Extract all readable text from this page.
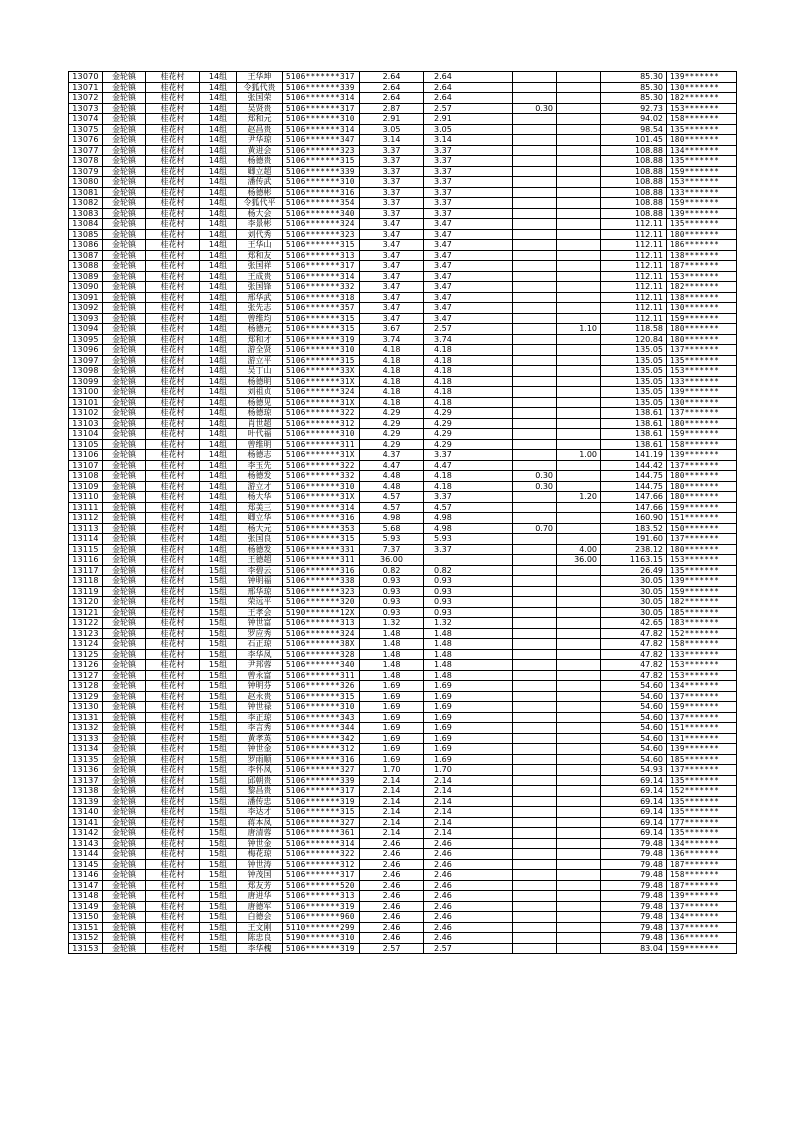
13070	金轮镇	桂花村	14组	王华坤	5106*******317	2.64	2.64			85.30	139*******
13071	金轮镇	桂花村	14组	令狐代贵	5106*******339	2.64	2.64			85.30	130*******
13072	金轮镇	桂花村	14组	张国荣	5106*******314	2.64	2.64			85.30	182*******
13073	金轮镇	桂花村	14组	吴贤贵	5106*******317	2.87	2.57	0.30		92.73	153*******
13074	金轮镇	桂花村	14组	郑和元	5106*******310	2.91	2.91			94.02	158*******
13075	金轮镇	桂花村	14组	赵昌贵	5106*******314	3.05	3.05			98.54	135*******
13076	金轮镇	桂花村	14组	尹华琼	5106*******347	3.14	3.14			101.45	180*******
13077	金轮镇	桂花村	14组	黄进会	5106*******323	3.37	3.37			108.88	134*******
13078	金轮镇	桂花村	14组	杨德贵	5106*******315	3.37	3.37			108.88	135*******
13079	金轮镇	桂花村	14组	卿立超	5106*******339	3.37	3.37			108.88	159*******
13080	金轮镇	桂花村	14组	潘传武	5106*******310	3.37	3.37			108.88	153*******
13081	金轮镇	桂花村	14组	杨德彬	5106*******316	3.37	3.37			108.88	133*******
13082	金轮镇	桂花村	14组	令狐代平	5106*******354	3.37	3.37			108.88	159*******
13083	金轮镇	桂花村	14组	杨大会	5106*******340	3.37	3.37			108.88	139*******
13084	金轮镇	桂花村	14组	李景彬	5106*******324	3.47	3.47			112.11	135*******
13085	金轮镇	桂花村	14组	刘代秀	5106*******323	3.47	3.47			112.11	180*******
13086	金轮镇	桂花村	14组	王华山	5106*******315	3.47	3.47			112.11	186*******
13087	金轮镇	桂花村	14组	郑和友	5106*******313	3.47	3.47			112.11	138*******
13088	金轮镇	桂花村	14组	张国祥	5106*******317	3.47	3.47			112.11	187*******
13089	金轮镇	桂花村	14组	王成贵	5106*******314	3.47	3.47			112.11	153*******
13090	金轮镇	桂花村	14组	张国锋	5106*******332	3.47	3.47			112.11	182*******
13091	金轮镇	桂花村	14组	邢华武	5106*******318	3.47	3.47			112.11	138*******
13092	金轮镇	桂花村	14组	张先志	5106*******357	3.47	3.47			112.11	130*******
13093	金轮镇	桂花村	14组	曾维均	5106*******315	3.47	3.47			112.11	159*******
13094	金轮镇	桂花村	14组	杨德元	5106*******315	3.67	2.57		1.10	118.58	180*******
13095	金轮镇	桂花村	14组	郑和才	5106*******319	3.74	3.74			120.84	180*******
13096	金轮镇	桂花村	14组	游全贤	5106*******310	4.18	4.18			135.05	137*******
13097	金轮镇	桂花村	14组	游立平	5106*******315	4.18	4.18			135.05	135*******
13098	金轮镇	桂花村	14组	吴丁山	5106*******33X	4.18	4.18			135.05	153*******
13099	金轮镇	桂花村	14组	杨德明	5106*******31X	4.18	4.18			135.05	133*******
13100	金轮镇	桂花村	14组	刘祖贞	5106*******324	4.18	4.18			135.05	139*******
13101	金轮镇	桂花村	14组	杨德见	5106*******31X	4.18	4.18			135.05	130*******
13102	金轮镇	桂花村	14组	杨德琼	5106*******322	4.29	4.29			138.61	137*******
13103	金轮镇	桂花村	14组	肖世超	5106*******312	4.29	4.29			138.61	180*******
13104	金轮镇	桂花村	14组	叶代福	5106*******310	4.29	4.29			138.61	159*******
13105	金轮镇	桂花村	14组	曾维明	5106*******311	4.29	4.29			138.61	158*******
13106	金轮镇	桂花村	14组	杨德志	5106*******31X	4.37	3.37		1.00	141.19	139*******
13107	金轮镇	桂花村	14组	李玉先	5106*******322	4.47	4.47			144.42	137*******
13108	金轮镇	桂花村	14组	杨德发	5106*******332	4.48	4.18	0.30		144.75	180*******
13109	金轮镇	桂花村	14组	游立才	5106*******310	4.48	4.18	0.30		144.75	180*******
13110	金轮镇	桂花村	14组	杨大华	5106*******31X	4.57	3.37		1.20	147.66	180*******
13111	金轮镇	桂花村	14组	郑美三	5190*******314	4.57	4.57			147.66	159*******
13112	金轮镇	桂花村	14组	卿立华	5106*******316	4.98	4.98			160.90	151*******
13113	金轮镇	桂花村	14组	杨大元	5106*******353	5.68	4.98	0.70		183.52	150*******
13114	金轮镇	桂花村	14组	张国良	5106*******315	5.93	5.93			191.60	137*******
13115	金轮镇	桂花村	14组	杨德发	5106*******331	7.37	3.37		4.00	238.12	180*******
13116	金轮镇	桂花村	14组	王德超	5106*******311	36.00			36.00	1163.15	153*******
13117	金轮镇	桂花村	15组	李碧云	5106*******316	0.82	0.82			26.49	135*******
13118	金轮镇	桂花村	15组	钟明福	5106*******338	0.93	0.93			30.05	139*******
13119	金轮镇	桂花村	15组	邢华琼	5106*******323	0.93	0.93			30.05	159*******
13120	金轮镇	桂花村	15组	荣远平	5106*******320	0.93	0.93			30.05	182*******
13121	金轮镇	桂花村	15组	王孝会	5190*******12X	0.93	0.93			30.05	185*******
13122	金轮镇	桂花村	15组	钟世富	5106*******313	1.32	1.32			42.65	183*******
13123	金轮镇	桂花村	15组	罗应秀	5106*******324	1.48	1.48			47.82	152*******
13124	金轮镇	桂花村	15组	石正琼	5106*******38X	1.48	1.48			47.82	158*******
13125	金轮镇	桂花村	15组	李华凤	5106*******328	1.48	1.48			47.82	133*******
13126	金轮镇	桂花村	15组	尹邦蓉	5106*******340	1.48	1.48			47.82	153*******
13127	金轮镇	桂花村	15组	曾永富	5106*******311	1.48	1.48			47.82	153*******
13128	金轮镇	桂花村	15组	钟明芬	5106*******326	1.69	1.69			54.60	134*******
13129	金轮镇	桂花村	15组	赵永贵	5106*******315	1.69	1.69			54.60	137*******
13130	金轮镇	桂花村	15组	钟世禄	5106*******310	1.69	1.69			54.60	159*******
13131	金轮镇	桂花村	15组	李正琼	5106*******343	1.69	1.69			54.60	137*******
13132	金轮镇	桂花村	15组	李言秀	5106*******344	1.69	1.69			54.60	151*******
13133	金轮镇	桂花村	15组	黄孝英	5106*******342	1.69	1.69			54.60	131*******
13134	金轮镇	桂花村	15组	钟世金	5106*******312	1.69	1.69			54.60	139*******
13135	金轮镇	桂花村	15组	罗雨顺	5106*******316	1.69	1.69			54.60	185*******
13136	金轮镇	桂花村	15组	李怀凤	5106*******327	1.70	1.70			54.93	137*******
13137	金轮镇	桂花村	15组	邱朝贵	5106*******339	2.14	2.14			69.14	135*******
13138	金轮镇	桂花村	15组	黎昌贵	5106*******317	2.14	2.14			69.14	152*******
13139	金轮镇	桂花村	15组	潘传忠	5106*******319	2.14	2.14			69.14	135*******
13140	金轮镇	桂花村	15组	李达才	5106*******315	2.14	2.14			69.14	135*******
13141	金轮镇	桂花村	15组	蒋本凤	5106*******327	2.14	2.14			69.14	177*******
13142	金轮镇	桂花村	15组	唐清蓉	5106*******361	2.14	2.14			69.14	135*******
13143	金轮镇	桂花村	15组	钟世金	5106*******314	2.46	2.46			79.48	134*******
13144	金轮镇	桂花村	15组	梅花琼	5106*******322	2.46	2.46			79.48	136*******
13145	金轮镇	桂花村	15组	钟世涛	5106*******312	2.46	2.46			79.48	187*******
13146	金轮镇	桂花村	15组	钟茂国	5106*******317	2.46	2.46			79.48	158*******
13147	金轮镇	桂花村	15组	郑友芳	5106*******520	2.46	2.46			79.48	187*******
13148	金轮镇	桂花村	15组	唐进华	5106*******313	2.46	2.46			79.48	139*******
13149	金轮镇	桂花村	15组	唐德军	5106*******319	2.46	2.46			79.48	137*******
13150	金轮镇	桂花村	15组	白德会	5106*******960	2.46	2.46			79.48	134*******
13151	金轮镇	桂花村	15组	王文刚	5110*******299	2.46	2.46			79.48	137*******
13152	金轮镇	桂花村	15组	陈忠良	5190*******310	2.46	2.46			79.48	136*******
13153	金轮镇	桂花村	15组	李华槐	5106*******319	2.57	2.57			83.04	159*******
